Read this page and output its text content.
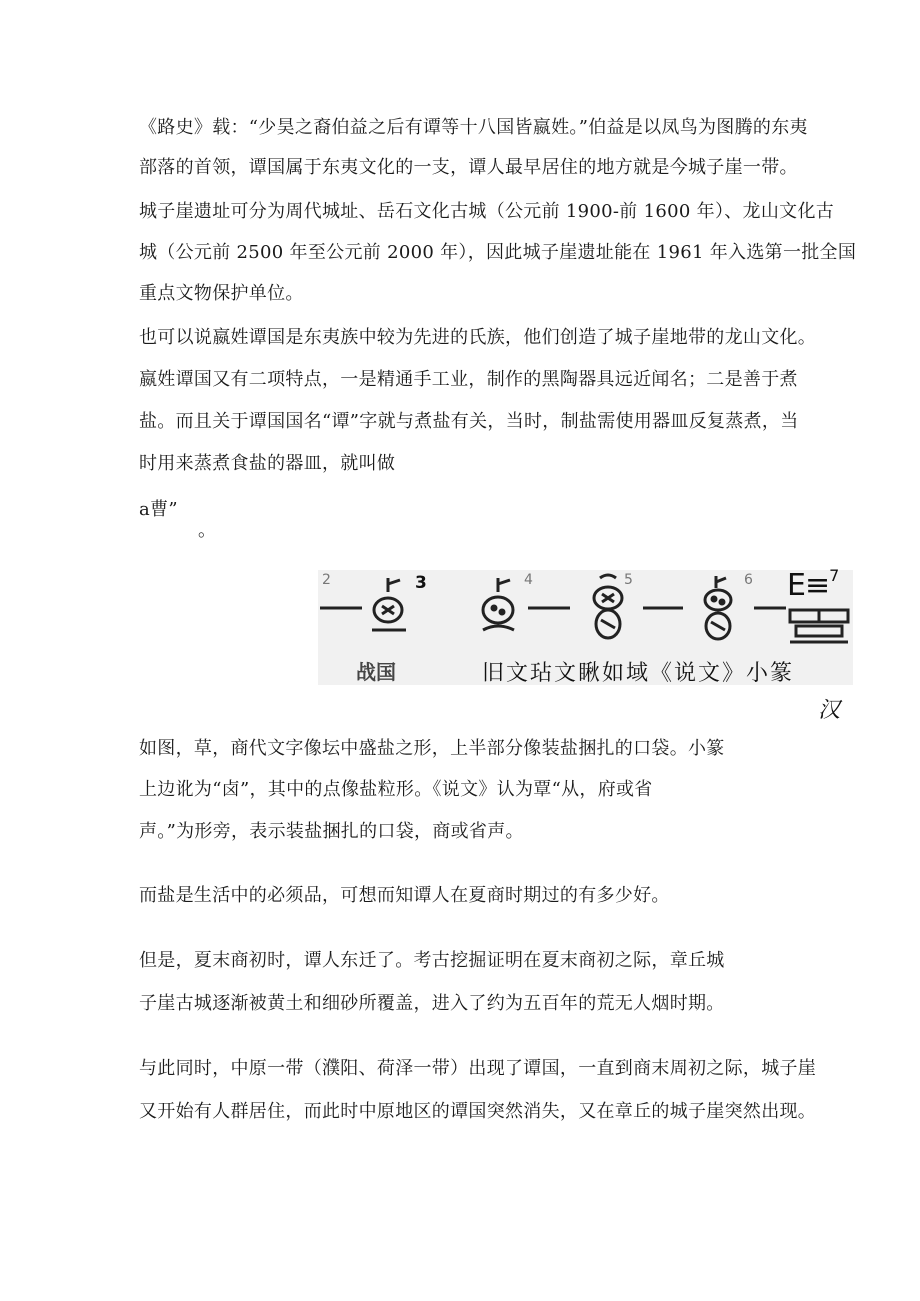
《路史》载：“少昊之裔伯益之后有谭等十八国皆嬴姓。”伯益是以凤鸟为图腾的东夷
部落的首领，谭国属于东夷文化的一支，谭人最早居住的地方就是今城子崖一带。
城子崖遗址可分为周代城址、岳石文化古城（公元前 1900-前 1600 年）、龙山文化古
城（公元前 2500 年至公元前 2000 年），因此城子崖遗址能在 1961 年入选第一批全国
重点文物保护单位。
也可以说嬴姓谭国是东夷族中较为先进的氏族，他们创造了城子崖地带的龙山文化。
嬴姓谭国又有二项特点，一是精通手工业，制作的黑陶器具远近闻名；二是善于煮
盐。而且关于谭国国名“谭”字就与煮盐有关，当时，制盐需使用器皿反复蒸煮，当
时用来蒸煮食盐的器皿，就叫做
a曹”
。
2	3	4	5	6 E≡$^7$
战国	旧文玷文瞅如域《说文》小篆
汉
如图，草，商代文字像坛中盛盐之形，上半部分像装盐捆扎的口袋。小篆
上边讹为“卤”，其中的点像盐粒形。《说文》认为覃“从，府或省
声。”为形旁，表示装盐捆扎的口袋，商或省声。
而盐是生活中的必须品，可想而知谭人在夏商时期过的有多少好。
但是，夏末商初时，谭人东迁了。考古挖掘证明在夏末商初之际，章丘城
子崖古城逐渐被黄土和细砂所覆盖，进入了约为五百年的荒无人烟时期。
与此同时，中原一带（濮阳、荷泽一带）出现了谭国，一直到商末周初之际，城子崖
又开始有人群居住，而此时中原地区的谭国突然消失，又在章丘的城子崖突然出现。
